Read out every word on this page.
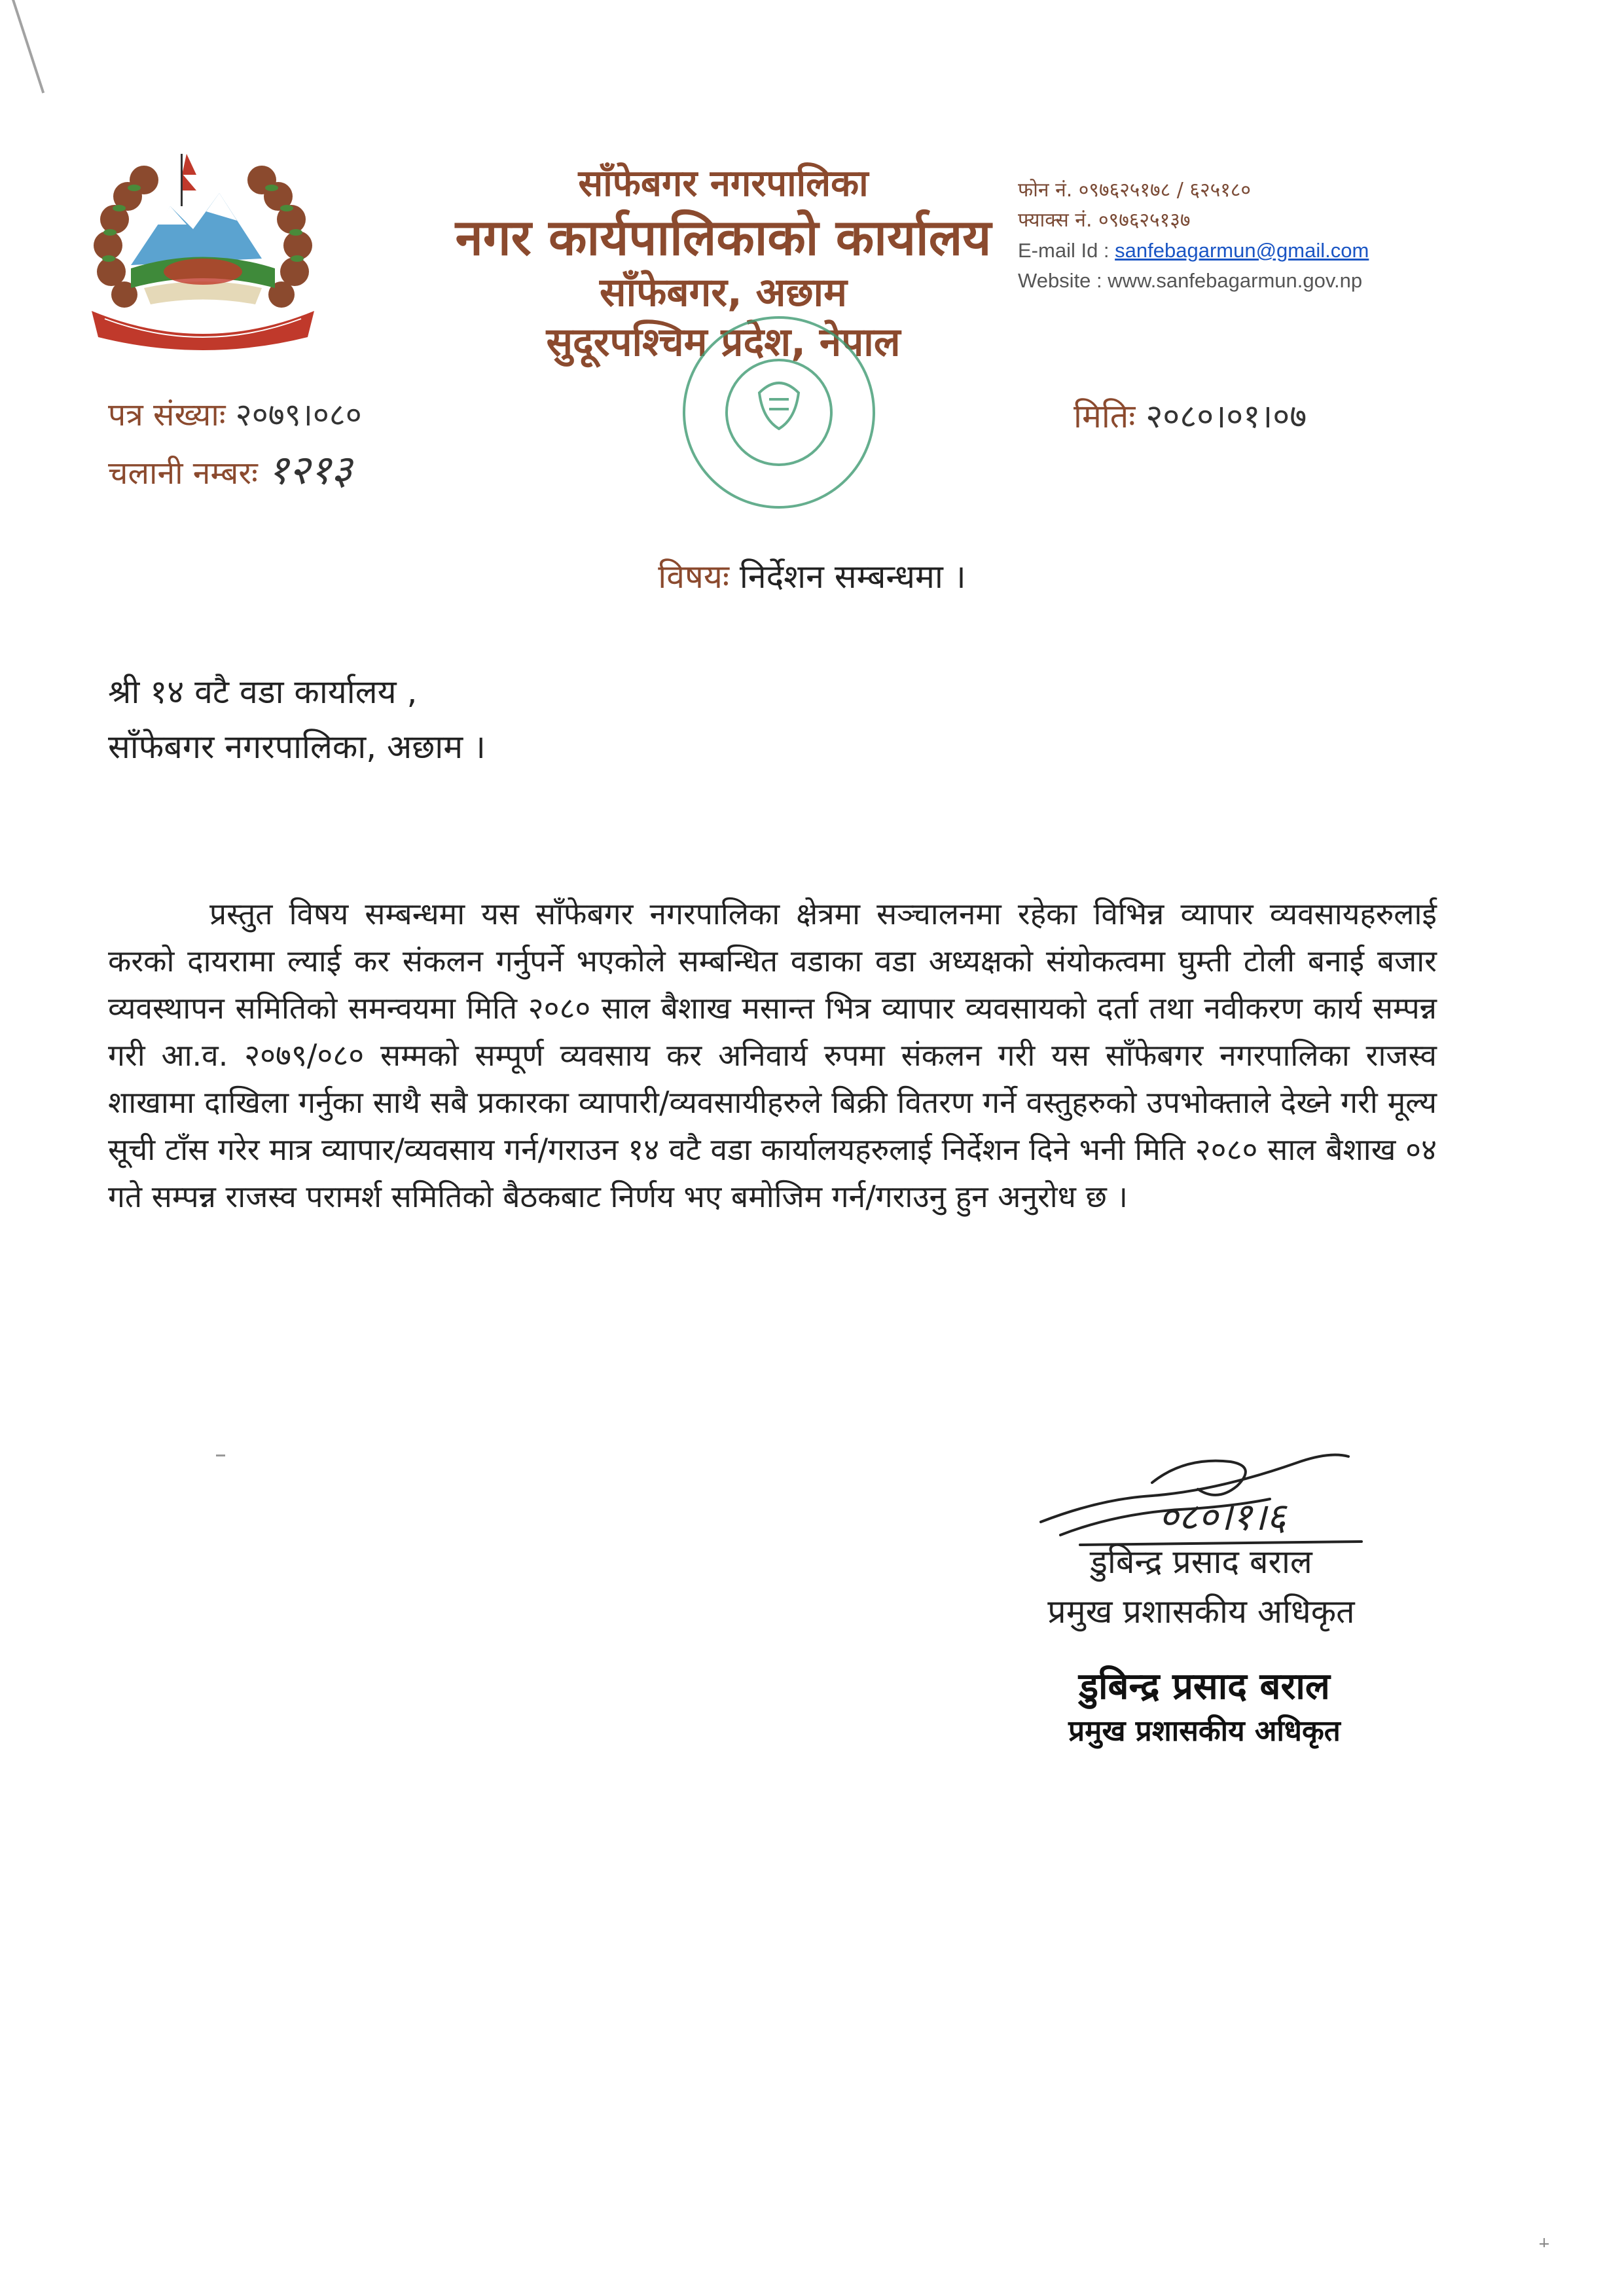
साँफेबगर नगरपालिका
नगर कार्यपालिकाको कार्यालय
साँफेबगर, अछाम
सुदूरपश्चिम प्रदेश, नेपाल
फोन नं. ०९७६२५१७८ / ६२५१८०
फ्याक्स नं. ०९७६२५१३७
E-mail Id : sanfebagarmun@gmail.com
Website : www.sanfebagarmun.gov.np
पत्र संख्याः २०७९।०८०
चलानी नम्बरः १२१३
मितिः २०८०।०१।०७
विषयः निर्देशन सम्बन्धमा ।
श्री १४ वटै वडा कार्यालय ,
साँफेबगर नगरपालिका, अछाम ।
प्रस्तुत विषय सम्बन्धमा यस साँफेबगर नगरपालिका क्षेत्रमा सञ्चालनमा रहेका विभिन्न व्यापार व्यवसायहरुलाई करको दायरामा ल्याई कर संकलन गर्नुपर्ने भएकोले सम्बन्धित वडाका वडा अध्यक्षको संयोकत्वमा घुम्ती टोली बनाई बजार व्यवस्थापन समितिको समन्वयमा मिति २०८० साल बैशाख मसान्त भित्र व्यापार व्यवसायको दर्ता तथा नवीकरण कार्य सम्पन्न गरी आ.व. २०७९/०८० सम्मको सम्पूर्ण व्यवसाय कर अनिवार्य रुपमा संकलन गरी यस साँफेबगर नगरपालिका राजस्व शाखामा दाखिला गर्नुका साथै सबै प्रकारका व्यापारी/व्यवसायीहरुले बिक्री वितरण गर्ने वस्तुहरुको उपभोक्ताले देख्ने गरी मूल्य सूची टाँस गरेर मात्र व्यापार/व्यवसाय गर्न/गराउन १४ वटै वडा कार्यालयहरुलाई निर्देशन दिने भनी मिति २०८० साल बैशाख ०४ गते सम्पन्न राजस्व परामर्श समितिको बैठकबाट निर्णय भए बमोजिम गर्न/गराउनु हुन अनुरोध छ ।
०८०।१।६
डुबिन्द्र प्रसाद बराल
प्रमुख प्रशासकीय अधिकृत
डुबिन्द्र प्रसाद बराल
प्रमुख प्रशासकीय अधिकृत
